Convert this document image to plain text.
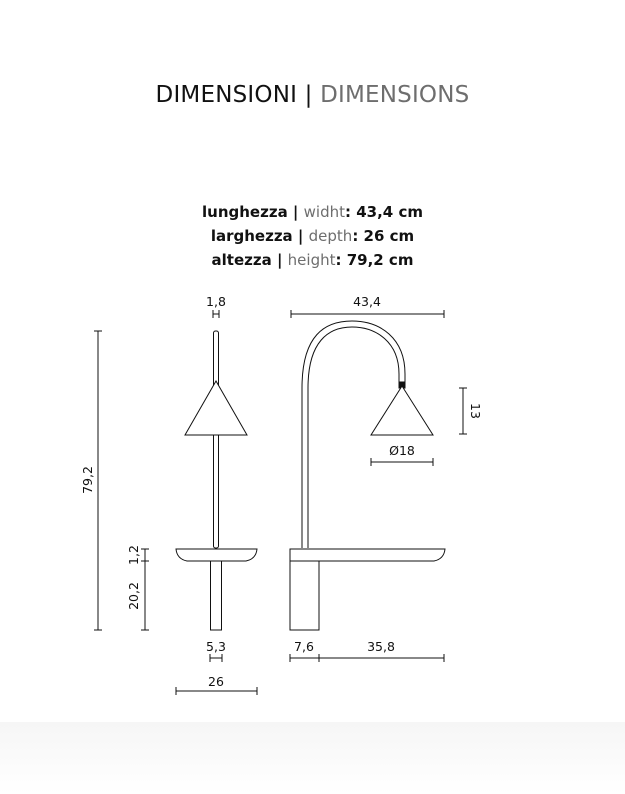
DIMENSIONI | DIMENSIONS
lunghezza | widht: 43,4 cm
larghezza | depth: 26 cm
altezza | height: 79,2 cm
1,8	43,4
13
Ø18
79,2
1,2
20,2
5,3	7,6	35,8
26
